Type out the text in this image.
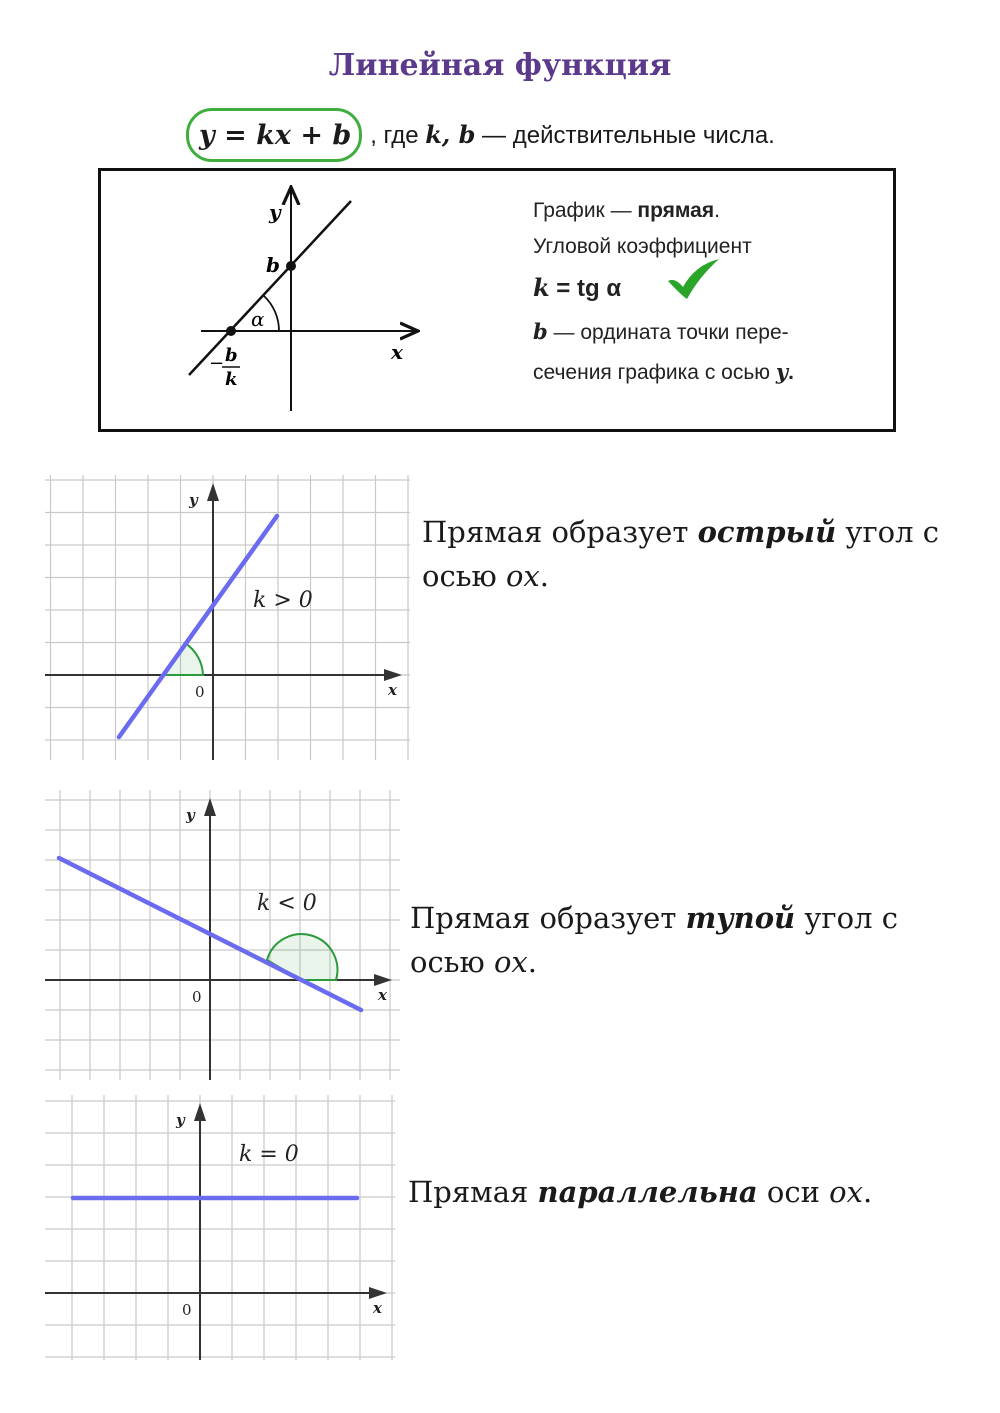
Линейная функция
y = kx + b , где k, b — действительные числа.
y
x
b
α
− b
k
График — прямая.
Угловой коэффициент
k = tg α
b — ордината точки пере-
сечения графика с осью y.
y
x
0
k > 0
Прямая образует острый угол с осью ox.
y
x
0
k < 0	Прямая образует тупой угол с осью ox.
y
x
0
k = 0
Прямая параллельна оси ox.
